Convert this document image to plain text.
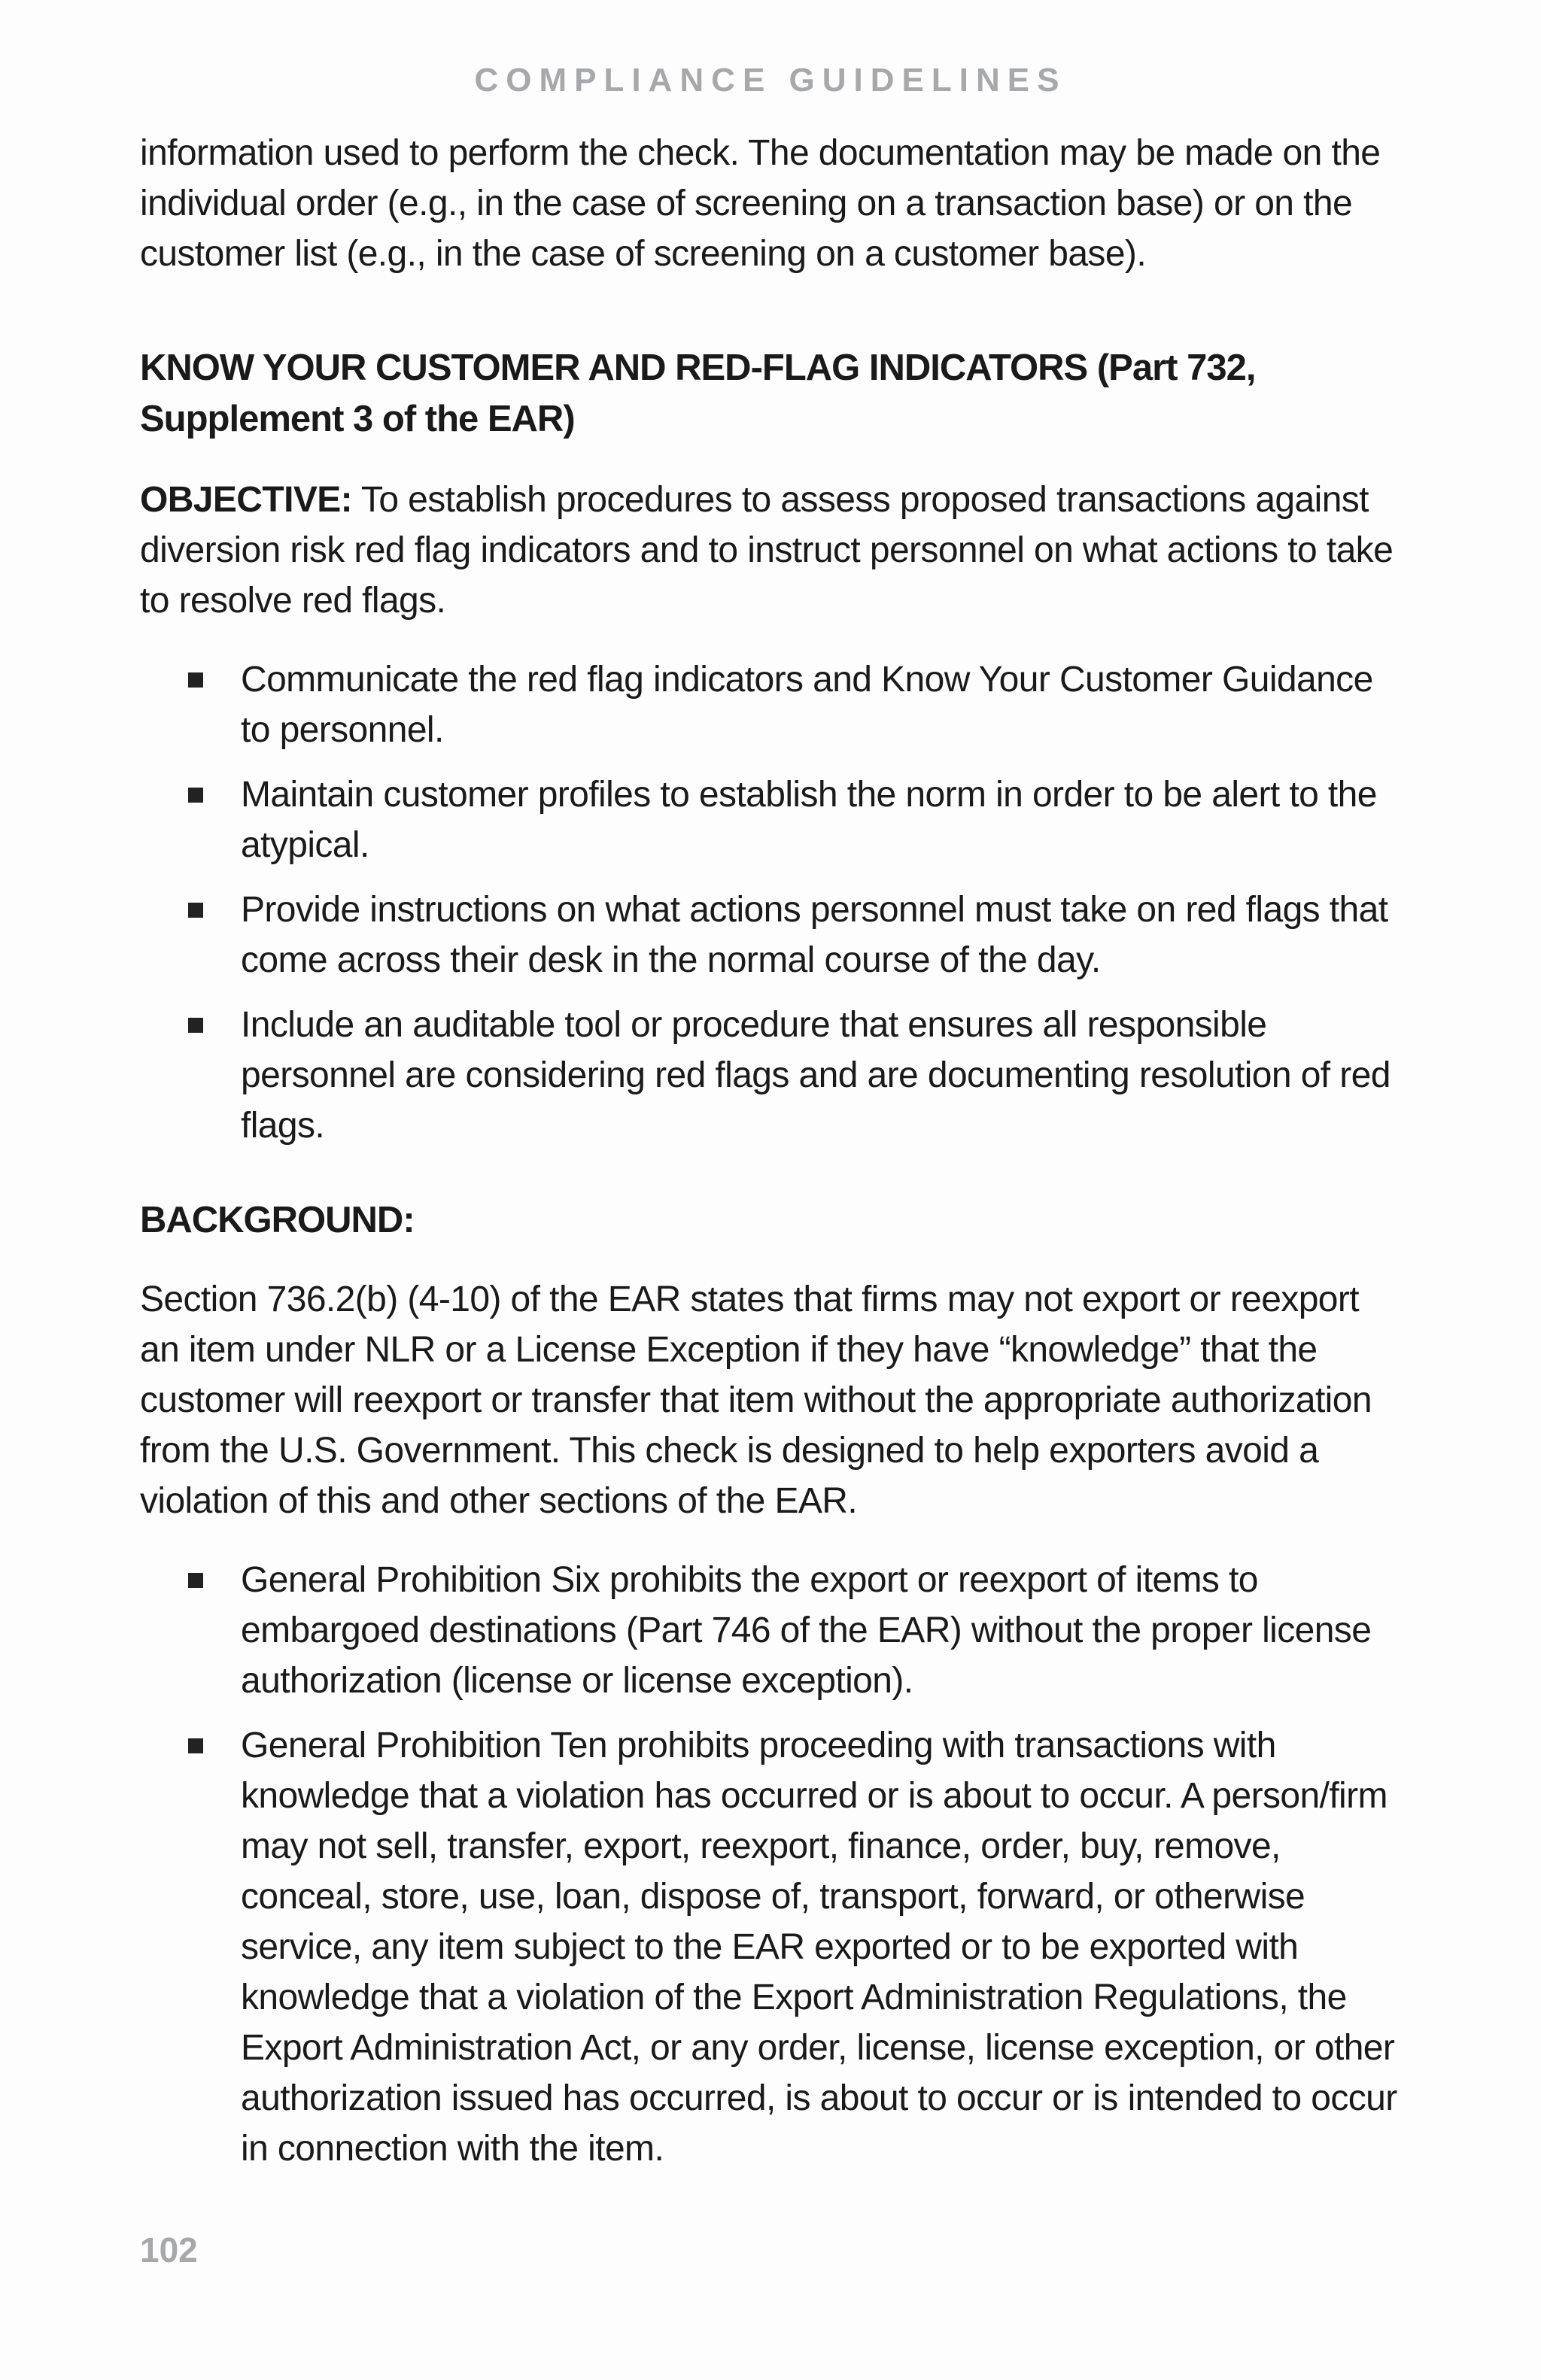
COMPLIANCE GUIDELINES

information used to perform the check. The documentation may be made on the individual order (e.g., in the case of screening on a transaction base) or on the customer list (e.g., in the case of screening on a customer base).

KNOW YOUR CUSTOMER AND RED-FLAG INDICATORS (Part 732, Supplement 3 of the EAR)

OBJECTIVE: To establish procedures to assess proposed transactions against diversion risk red flag indicators and to instruct personnel on what actions to take to resolve red flags.

Communicate the red flag indicators and Know Your Customer Guidance to personnel.
Maintain customer profiles to establish the norm in order to be alert to the atypical.
Provide instructions on what actions personnel must take on red flags that come across their desk in the normal course of the day.
Include an auditable tool or procedure that ensures all responsible personnel are considering red flags and are documenting resolution of red flags.
BACKGROUND:

Section 736.2(b) (4-10) of the EAR states that firms may not export or reexport an item under NLR or a License Exception if they have “knowledge” that the customer will reexport or transfer that item without the appropriate authorization from the U.S. Government. This check is designed to help exporters avoid a violation of this and other sections of the EAR.

General Prohibition Six prohibits the export or reexport of items to embargoed destinations (Part 746 of the EAR) without the proper license authorization (license or license exception).
General Prohibition Ten prohibits proceeding with transactions with knowledge that a violation has occurred or is about to occur. A person/firm may not sell, transfer, export, reexport, finance, order, buy, remove, conceal, store, use, loan, dispose of, transport, forward, or otherwise service, any item subject to the EAR exported or to be exported with knowledge that a violation of the Export Administration Regulations, the Export Administration Act, or any order, license, license exception, or other authorization issued has occurred, is about to occur or is intended to occur in connection with the item.
102
